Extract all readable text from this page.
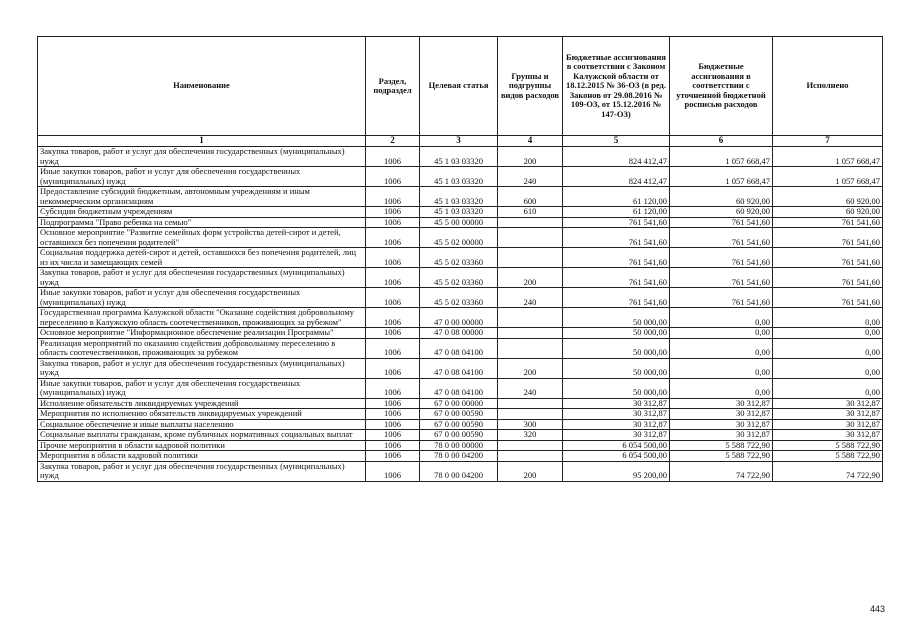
Наименование	Раздел, подраздел	Целевая статья	Группы и подгруппы видов расходов	Бюджетные ассигнования в соответствии с Законом Калужской области от 18.12.2015 № 36-ОЗ (в ред. Законов от 29.08.2016 № 109-ОЗ, от 15.12.2016 № 147-ОЗ)	Бюджетные ассигнования в соответствии с уточненной бюджетной росписью расходов	Исполнено
1	2	3	4	5	6	7
Закупка товаров, работ и услуг для обеспечения государственных (муниципальных) нужд	1006	45 1 03 03320	200	824 412,47	1 057 668,47	1 057 668,47
Иные закупки товаров, работ и услуг для обеспечения государственных (муниципальных) нужд	1006	45 1 03 03320	240	824 412,47	1 057 668,47	1 057 668,47
Предоставление субсидий бюджетным, автономным учреждениям и иным некоммерческим организациям	1006	45 1 03 03320	600	61 120,00	60 920,00	60 920,00
Субсидии бюджетным учреждениям	1006	45 1 03 03320	610	61 120,00	60 920,00	60 920,00
Подпрограмма "Право ребенка на семью"	1006	45 5 00 00000		761 541,60	761 541,60	761 541,60
Основное мероприятие "Развитие семейных форм устройства детей-сирот и детей, оставшихся без попечения родителей"	1006	45 5 02 00000		761 541,60	761 541,60	761 541,60
Социальная поддержка детей-сирот и детей, оставшихся без попечения родителей, лиц из их числа и замещающих семей	1006	45 5 02 03360		761 541,60	761 541,60	761 541,60
Закупка товаров, работ и услуг для обеспечения государственных (муниципальных) нужд	1006	45 5 02 03360	200	761 541,60	761 541,60	761 541,60
Иные закупки товаров, работ и услуг для обеспечения государственных (муниципальных) нужд	1006	45 5 02 03360	240	761 541,60	761 541,60	761 541,60
Государственная программа Калужской области "Оказание содействия добровольному переселению в Калужскую область соотечественников, проживающих за рубежом"	1006	47 0 00 00000		50 000,00	0,00	0,00
Основное мероприятие "Информационное обеспечение реализации Программы"	1006	47 0 08 00000		50 000,00	0,00	0,00
Реализация мероприятий по оказанию содействия добровольному переселению в область соотечественников, проживающих за рубежом	1006	47 0 08 04100		50 000,00	0,00	0,00
Закупка товаров, работ и услуг для обеспечения государственных (муниципальных) нужд	1006	47 0 08 04100	200	50 000,00	0,00	0,00
Иные закупки товаров, работ и услуг для обеспечения государственных (муниципальных) нужд	1006	47 0 08 04100	240	50 000,00	0,00	0,00
Исполнение обязательств ликвидируемых учреждений	1006	67 0 00 00000		30 312,87	30 312,87	30 312,87
Мероприятия по исполнению обязательств ликвидируемых учреждений	1006	67 0 00 00590		30 312,87	30 312,87	30 312,87
Социальное обеспечение и иные выплаты населению	1006	67 0 00 00590	300	30 312,87	30 312,87	30 312,87
Социальные выплаты гражданам, кроме публичных нормативных социальных выплат	1006	67 0 00 00590	320	30 312,87	30 312,87	30 312,87
Прочие мероприятия в области кадровой политики	1006	78 0 00 00000		6 054 500,00	5 588 722,90	5 588 722,90
Мероприятия в области кадровой политики	1006	78 0 00 04200		6 054 500,00	5 588 722,90	5 588 722,90
Закупка товаров, работ и услуг для обеспечения государственных (муниципальных) нужд	1006	78 0 00 04200	200	95 200,00	74 722,90	74 722,90
443
